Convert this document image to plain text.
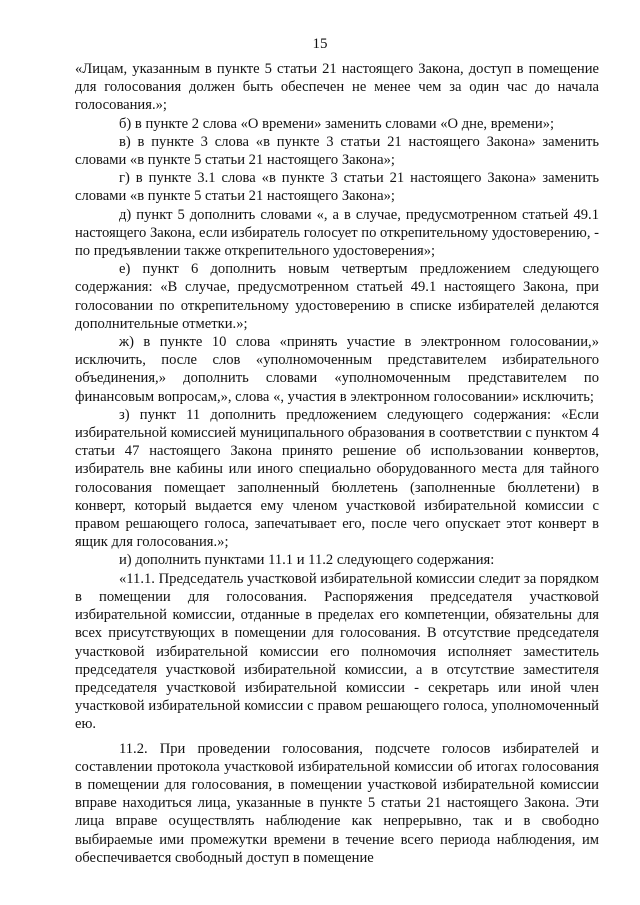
15

«Лицам, указанным в пункте 5 статьи 21 настоящего Закона, доступ в помещение для голосования должен быть обеспечен не менее чем за один час до начала голосования.»;

б) в пункте 2 слова «О времени» заменить словами «О дне, времени»;

в) в пункте 3 слова «в пункте 3 статьи 21 настоящего Закона» заменить словами «в пункте 5 статьи 21 настоящего Закона»;

г) в пункте 3.1 слова «в пункте 3 статьи 21 настоящего Закона» заменить словами «в пункте 5 статьи 21 настоящего Закона»;

д) пункт 5 дополнить словами «, а в случае, предусмотренном статьей 49.1 настоящего Закона, если избиратель голосует по открепительному удостоверению, - по предъявлении также открепительного удостоверения»;

е) пункт 6 дополнить новым четвертым предложением следующего содержания: «В случае, предусмотренном статьей 49.1 настоящего Закона, при голосовании по открепительному удостоверению в списке избирателей делаются дополнительные отметки.»;

ж) в пункте 10 слова «принять участие в электронном голосовании,» исключить, после слов «уполномоченным представителем избирательного объединения,» дополнить словами «уполномоченным представителем по финансовым вопросам,», слова «, участия в электронном голосовании» исключить;

з) пункт 11 дополнить предложением следующего содержания: «Если избирательной комиссией муниципального образования в соответствии с пунктом 4 статьи 47 настоящего Закона принято решение об использовании конвертов, избиратель вне кабины или иного специально оборудованного места для тайного голосования помещает заполненный бюллетень (заполненные бюллетени) в конверт, который выдается ему членом участковой избирательной комиссии с правом решающего голоса, запечатывает его, после чего опускает этот конверт в ящик для голосования.»;

и) дополнить пунктами 11.1 и 11.2 следующего содержания:

«11.1. Председатель участковой избирательной комиссии следит за порядком в помещении для голосования. Распоряжения председателя участковой избирательной комиссии, отданные в пределах его компетенции, обязательны для всех присутствующих в помещении для голосования. В отсутствие председателя участковой избирательной комиссии его полномочия исполняет заместитель председателя участковой избирательной комиссии, а в отсутствие заместителя председателя участковой избирательной комиссии - секретарь или иной член участковой избирательной комиссии с правом решающего голоса, уполномоченный ею.

11.2. При проведении голосования, подсчете голосов избирателей и составлении протокола участковой избирательной комиссии об итогах голосования в помещении для голосования, в помещении участковой избирательной комиссии вправе находиться лица, указанные в пункте 5 статьи 21 настоящего Закона. Эти лица вправе осуществлять наблюдение как непрерывно, так и в свободно выбираемые ими промежутки времени в течение всего периода наблюдения, им обеспечивается свободный доступ в помещение
